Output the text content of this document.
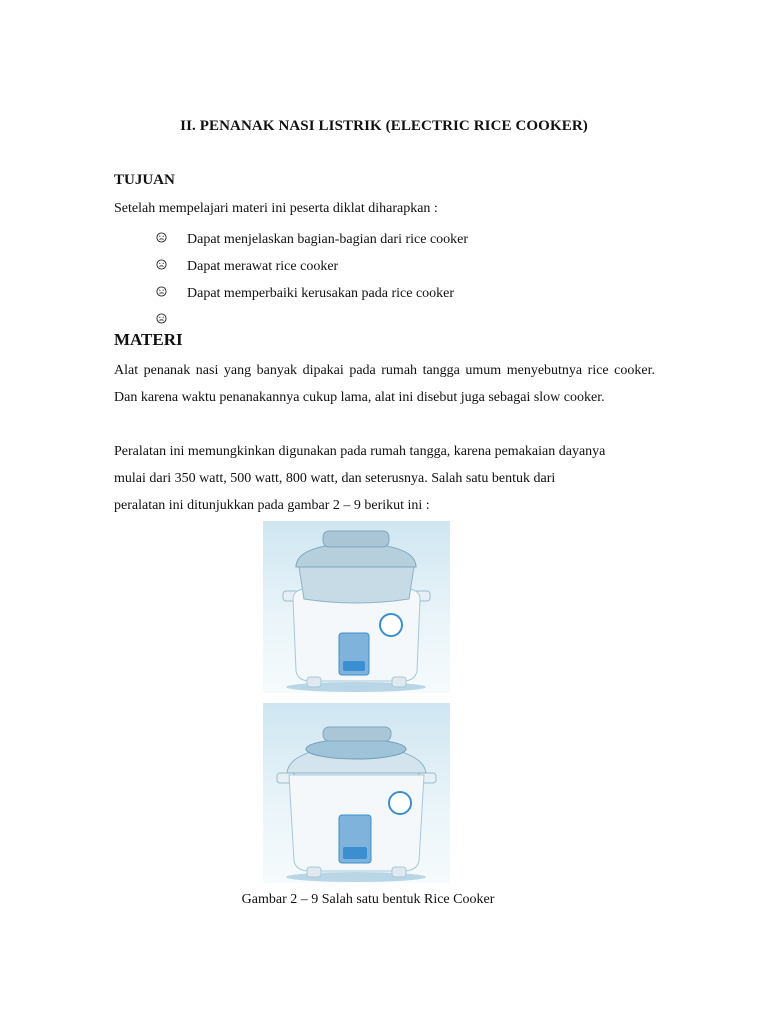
II. PENANAK NASI LISTRIK (ELECTRIC RICE COOKER)
TUJUAN
Setelah mempelajari materi ini peserta diklat diharapkan :
Dapat menjelaskan bagian-bagian dari rice cooker
Dapat merawat rice cooker
Dapat memperbaiki kerusakan pada rice cooker
MATERI

Alat penanak nasi yang banyak dipakai pada rumah tangga umum menyebutnya rice cooker. Dan karena waktu penanakannya cukup lama, alat ini disebut juga sebagai slow cooker.

Peralatan ini memungkinkan digunakan pada rumah tangga, karena pemakaian dayanya
mulai dari 350 watt, 500 watt, 800 watt, dan seterusnya. Salah satu bentuk dari
peralatan ini ditunjukkan pada gambar 2 – 9 berikut ini :
Gambar 2 – 9 Salah satu bentuk Rice Cooker
